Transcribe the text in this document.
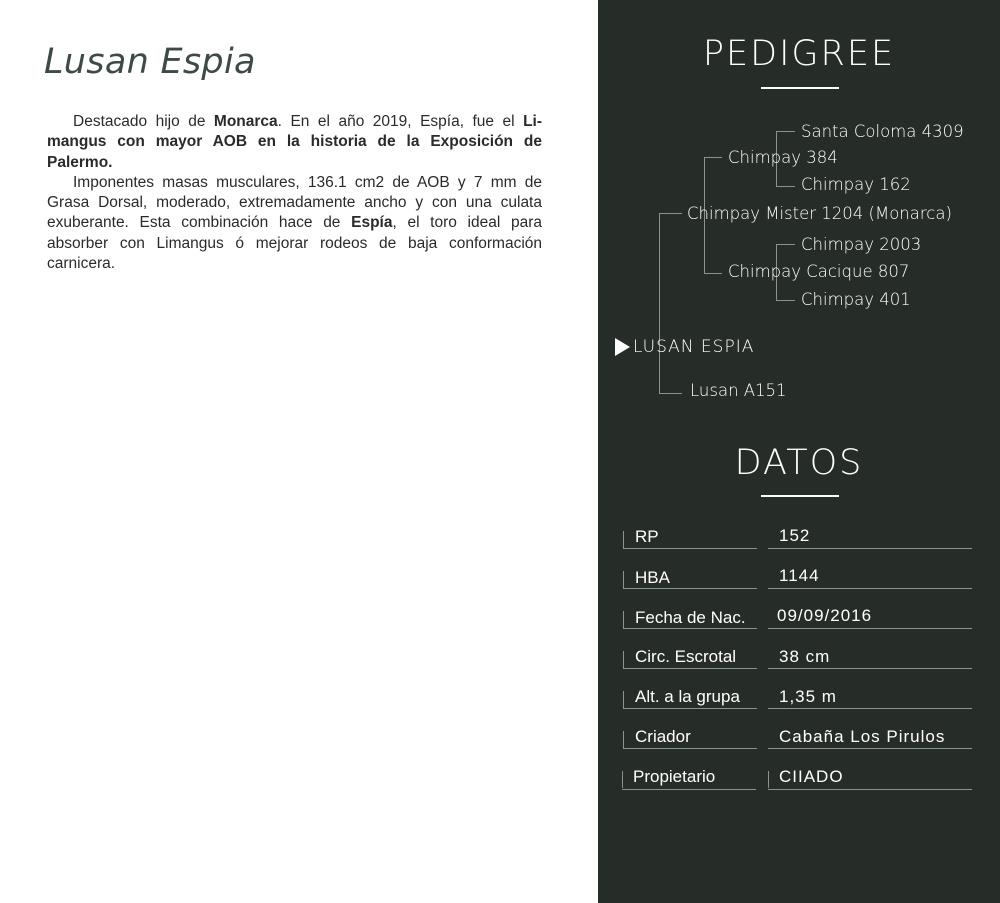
Lusan Espia

Destacado hijo de Monarca. En el año 2019, Espía, fue el Li-mangus con mayor AOB en la historia de la Exposición de Palermo.

Imponentes masas musculares, 136.1 cm2 de AOB y 7 mm de Grasa Dorsal, moderado, extremadamente ancho y con una culata exuberante. Esta combinación hace de Espía, el toro ideal para absorber con Limangus ó mejorar rodeos de baja conformación carnicera.

PEDIGREE
Santa Coloma 4309
Chimpay 384
Chimpay 162
Chimpay Mister 1204 (Monarca)
Chimpay 2003
Chimpay Cacique 807
Chimpay 401
LUSAN ESPIA
Lusan A151
DATOS
RP	152
HBA	1144
Fecha de Nac. 09/09/2016
Circ. Escrotal	38 cm
Alt. a la grupa 1,35 m
Criador	Cabaña Los Pirulos
Propietario	CIIADO
